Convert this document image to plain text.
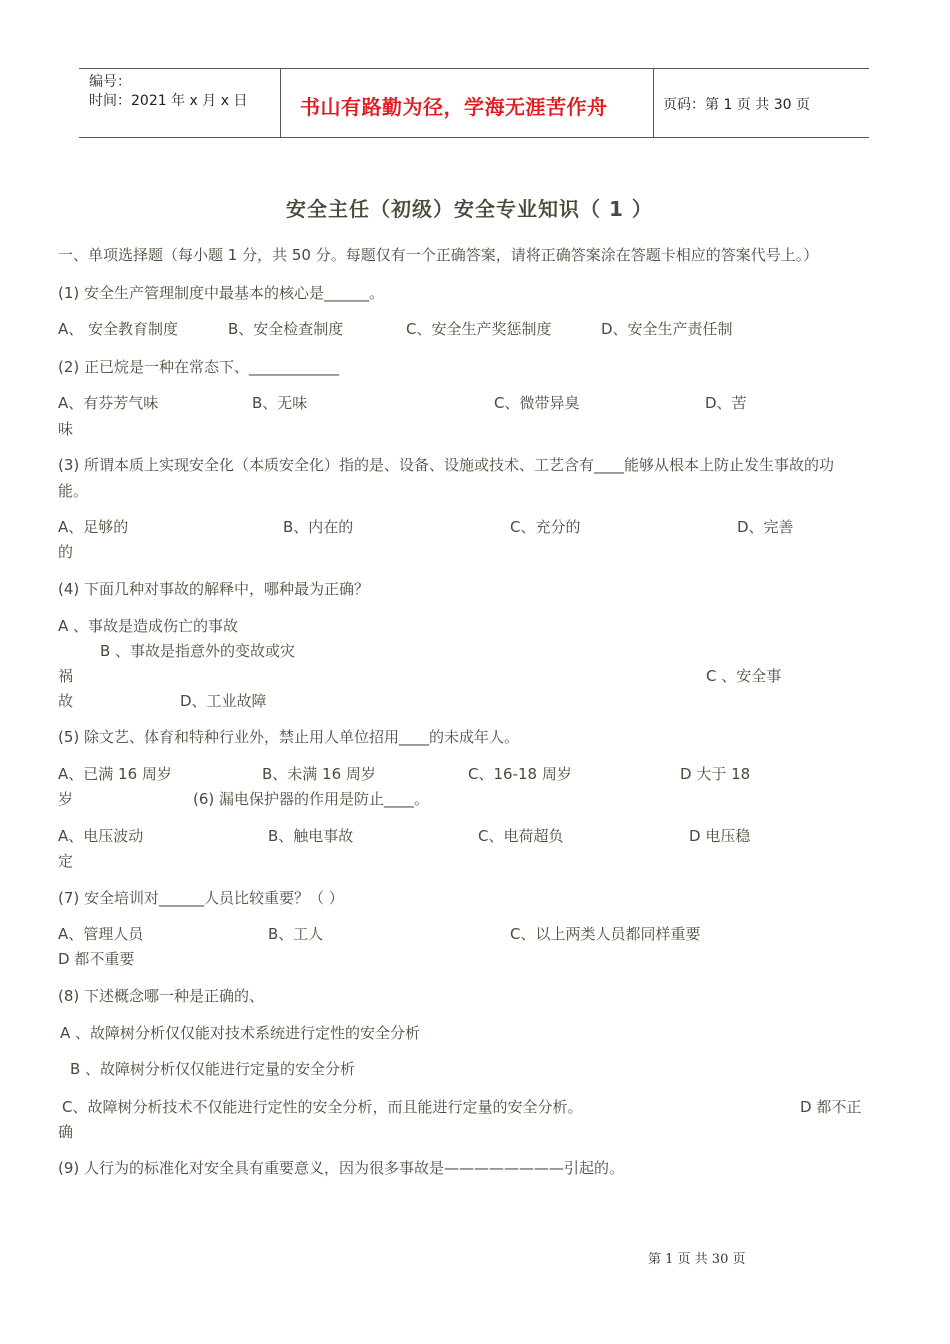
编号：
时间：2021 年 x 月 x 日	书山有路勤为径，学海无涯苦作舟	页码：第 1 页 共 30 页
安全主任（初级）安全专业知识（ 1 ）
一、单项选择题（每小题 1 分，共 50 分。每题仅有一个正确答案，请将正确答案涂在答题卡相应的答案代号上。）
(1) 安全生产管理制度中最基本的核心是______。
A、 安全教育制度	B、安全检查制度	C、安全生产奖惩制度	D、安全生产责任制
(2) 正已烷是一种在常态下、____________
A、有芬芳气味	B、无味	C、微带异臭	D、苦
味
(3) 所谓本质上实现安全化（本质安全化）指的是、设备、设施或技术、工艺含有____能够从根本上防止发生事故的功
能。
A、足够的	B、内在的	C、充分的	D、完善
的
(4) 下面几种对事故的解释中，哪种最为正确？
A 、事故是造成伤亡的事故
B 、事故是指意外的变故或灾
祸	C 、安全事
故	D、工业故障
(5) 除文艺、体育和特种行业外，禁止用人单位招用____的未成年人。
A、已满 16 周岁	B、未满 16 周岁	C、16-18 周岁	D 大于 18
岁	(6) 漏电保护器的作用是防止____。
A、电压波动	B、触电事故	C、电荷超负	D 电压稳
定
(7) 安全培训对______人员比较重要？（ ）
A、管理人员	B、工人	C、以上两类人员都同样重要
D 都不重要
(8) 下述概念哪一种是正确的、
A 、故障树分析仅仅能对技术系统进行定性的安全分析
B 、故障树分析仅仅能进行定量的安全分析
C、故障树分析技术不仅能进行定性的安全分析，而且能进行定量的安全分析。	D 都不正
确
(9) 人行为的标准化对安全具有重要意义，因为很多事故是————————引起的。
第 1 页 共 30 页
